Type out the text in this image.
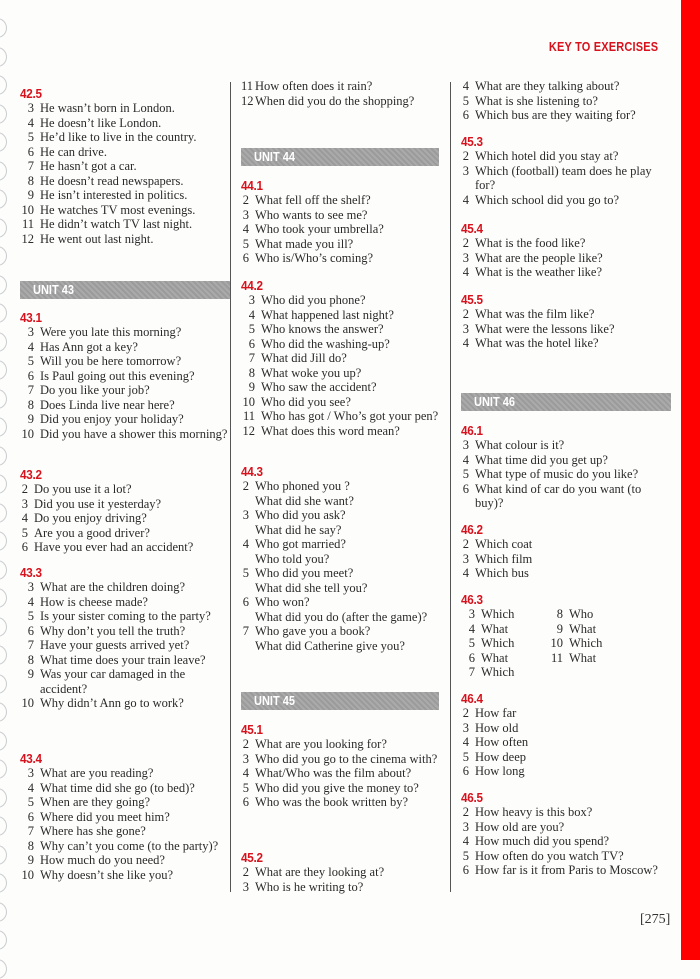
KEY TO EXERCISES
42.5
3 He wasn’t born in London.
4 He doesn’t like London.
5 He’d like to live in the country.
6 He can drive.
7 He hasn’t got a car.
8 He doesn’t read newspapers.
9 He isn’t interested in politics.
10 He watches TV most evenings.
11 He didn’t watch TV last night.
12 He went out last night.
UNIT 43
43.1
3 Were you late this morning?
4 Has Ann got a key?
5 Will you be here tomorrow?
6 Is Paul going out this evening?
7 Do you like your job?
8 Does Linda live near here?
9 Did you enjoy your holiday?
10 Did you have a shower this morning?
43.2
2 Do you use it a lot?
3 Did you use it yesterday?
4 Do you enjoy driving?
5 Are you a good driver?
6 Have you ever had an accident?
43.3
3 What are the children doing?
4 How is cheese made?
5 Is your sister coming to the party?
6 Why don’t you tell the truth?
7 Have your guests arrived yet?
8 What time does your train leave?
9 Was your car damaged in the accident?
10 Why didn’t Ann go to work?
43.4
3 What are you reading?
4 What time did she go (to bed)?
5 When are they going?
6 Where did you meet him?
7 Where has she gone?
8 Why can’t you come (to the party)?
9 How much do you need?
10 Why doesn’t she like you?
11 How often does it rain?
12 When did you do the shopping?
UNIT 44
44.1
2 What fell off the shelf?
3 Who wants to see me?
4 Who took your umbrella?
5 What made you ill?
6 Who is/Who’s coming?
44.2
3 Who did you phone?
4 What happened last night?
5 Who knows the answer?
6 Who did the washing-up?
7 What did Jill do?
8 What woke you up?
9 Who saw the accident?
10 Who did you see?
11 Who has got / Who’s got your pen?
12 What does this word mean?
44.3
2 Who phoned you ?
What did she want?
3 Who did you ask?
What did he say?
4 Who got married?
Who told you?
5 Who did you meet?
What did she tell you?
6 Who won?
What did you do (after the game)?
7 Who gave you a book?
What did Catherine give you?
UNIT 45
45.1
2 What are you looking for?
3 Who did you go to the cinema with?
4 What/Who was the film about?
5 Who did you give the money to?
6 Who was the book written by?
45.2
2 What are they looking at?
3 Who is he writing to?
4 What are they talking about?
5 What is she listening to?
6 Which bus are they waiting for?
45.3
2 Which hotel did you stay at?
3 Which (football) team does he play for?
4 Which school did you go to?
45.4
2 What is the food like?
3 What are the people like?
4 What is the weather like?
45.5
2 What was the film like?
3 What were the lessons like?
4 What was the hotel like?
UNIT 46
46.1
3 What colour is it?
4 What time did you get up?
5 What type of music do you like?
6 What kind of car do you want (to buy)?
46.2
2 Which coat
3 Which film
4 Which bus
46.3
3 Which	8 Who
4 What	9 What
5 Which	10 Which
6 What	11 What
7 Which
46.4
2 How far
3 How old
4 How often
5 How deep
6 How long
46.5
2 How heavy is this box?
3 How old are you?
4 How much did you spend?
5 How often do you watch TV?
6 How far is it from Paris to Moscow?
[275]
